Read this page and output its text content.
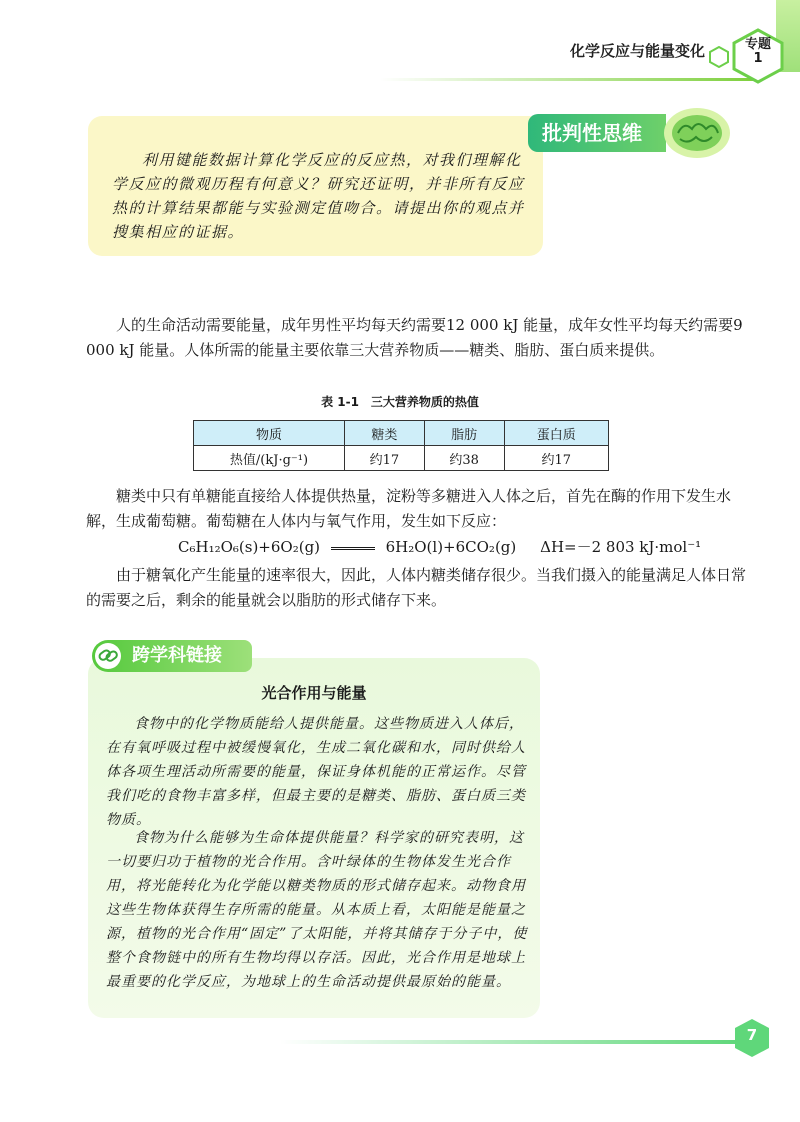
化学反应与能量变化	专题
1
批判性思维
利用键能数据计算化学反应的反应热，对我们理解化学反应的微观历程有何意义？研究还证明，并非所有反应热的计算结果都能与实验测定值吻合。请提出你的观点并搜集相应的证据。
人的生命活动需要能量，成年男性平均每天约需要12 000 kJ 能量，成年女性平均每天约需要9 000 kJ 能量。人体所需的能量主要依靠三大营养物质——糖类、脂肪、蛋白质来提供。
表 1-1　三大营养物质的热值
物质	糖类	脂肪	蛋白质
热值/(kJ·g⁻¹)	约17	约38	约17
糖类中只有单糖能直接给人体提供热量，淀粉等多糖进入人体之后，首先在酶的作用下发生水解，生成葡萄糖。葡萄糖在人体内与氧气作用，发生如下反应：
C₆H₁₂O₆(s)+6O₂(g)	6H₂O(l)+6CO₂(g) ΔH=－2 803 kJ·mol⁻¹
由于糖氧化产生能量的速率很大，因此，人体内糖类储存很少。当我们摄入的能量满足人体日常的需要之后，剩余的能量就会以脂肪的形式储存下来。
跨学科链接
光合作用与能量
食物中的化学物质能给人提供能量。这些物质进入人体后，在有氧呼吸过程中被缓慢氧化，生成二氧化碳和水，同时供给人体各项生理活动所需要的能量，保证身体机能的正常运作。尽管我们吃的食物丰富多样，但最主要的是糖类、脂肪、蛋白质三类物质。
食物为什么能够为生命体提供能量？科学家的研究表明，这一切要归功于植物的光合作用。含叶绿体的生物体发生光合作用，将光能转化为化学能以糖类物质的形式储存起来。动物食用这些生物体获得生存所需的能量。从本质上看，太阳能是能量之源，植物的光合作用“固定”了太阳能，并将其储存于分子中，使整个食物链中的所有生物均得以存活。因此，光合作用是地球上最重要的化学反应，为地球上的生命活动提供最原始的能量。
7
